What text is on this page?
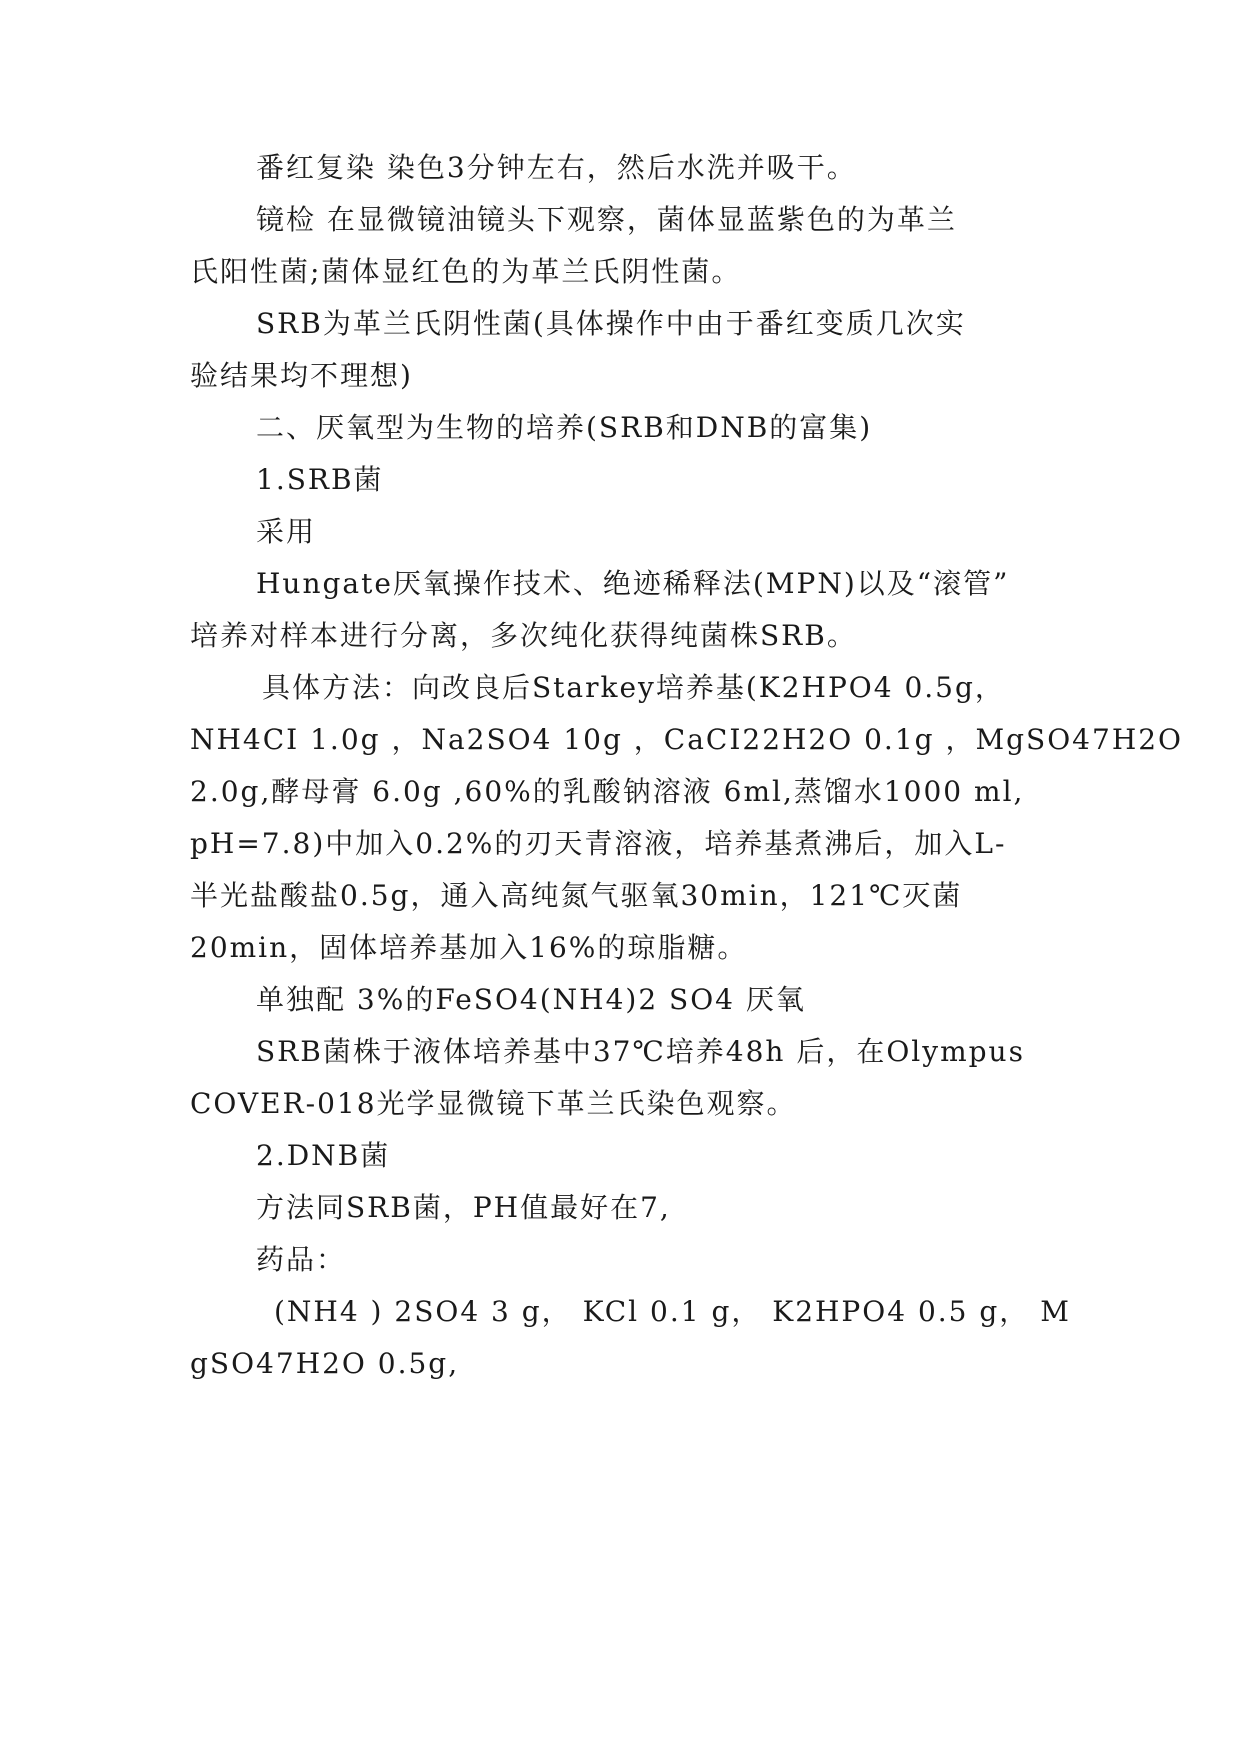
番红复染 染色3分钟左右，然后水洗并吸干。
镜检 在显微镜油镜头下观察，菌体显蓝紫色的为革兰
氏阳性菌;菌体显红色的为革兰氏阴性菌。
SRB为革兰氏阴性菌(具体操作中由于番红变质几次实
验结果均不理想)
二、厌氧型为生物的培养(SRB和DNB的富集)
1.SRB菌
采用
Hungate厌氧操作技术、绝迹稀释法(MPN)以及“滚管”
培养对样本进行分离，多次纯化获得纯菌株SRB。
具体方法：向改良后Starkey培养基(K2HPO4 0.5g，
NH4CI 1.0g ，Na2SO4 10g ，CaCI22H2O 0.1g ，MgSO47H2O
2.0g,酵母膏 6.0g ,60%的乳酸钠溶液 6ml,蒸馏水1000 ml,
pH=7.8)中加入0.2%的刃天青溶液，培养基煮沸后，加入L-
半光盐酸盐0.5g，通入高纯氮气驱氧30min，121℃灭菌
20min，固体培养基加入16%的琼脂糖。
单独配 3%的FeSO4(NH4)2 SO4 厌氧
SRB菌株于液体培养基中37℃培养48h 后，在Olympus
COVER-018光学显微镜下革兰氏染色观察。
2.DNB菌
方法同SRB菌，PH值最好在7,
药品：
(NH4 ) 2SO4 3 g， KCl 0.1 g， K2HPO4 0.5 g， M
gSO47H2O 0.5g,
